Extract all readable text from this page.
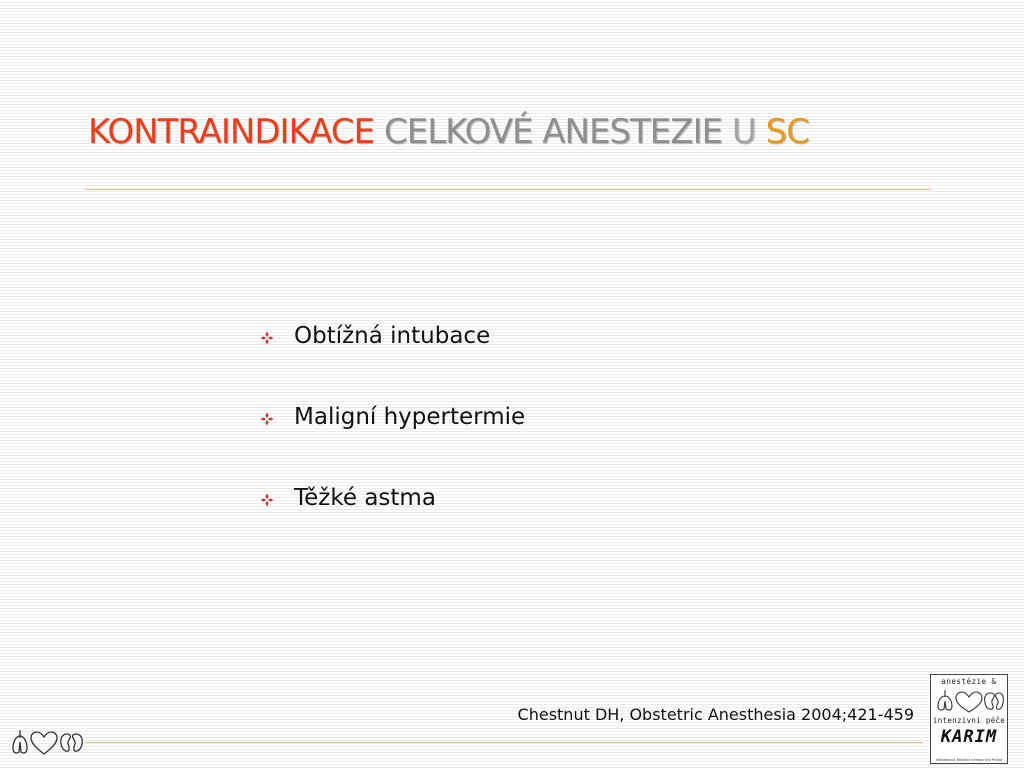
KONTRAINDIKACE CELKOVÉ ANESTEZIE U SC
Obtížná intubace
Maligní hypertermie
Těžké astma
Chestnut DH, Obstetric Anesthesia 2004;421-459
anestézie &
intenzivní péče
KARIM
Všeobecná fakultní nemocnice Praha
